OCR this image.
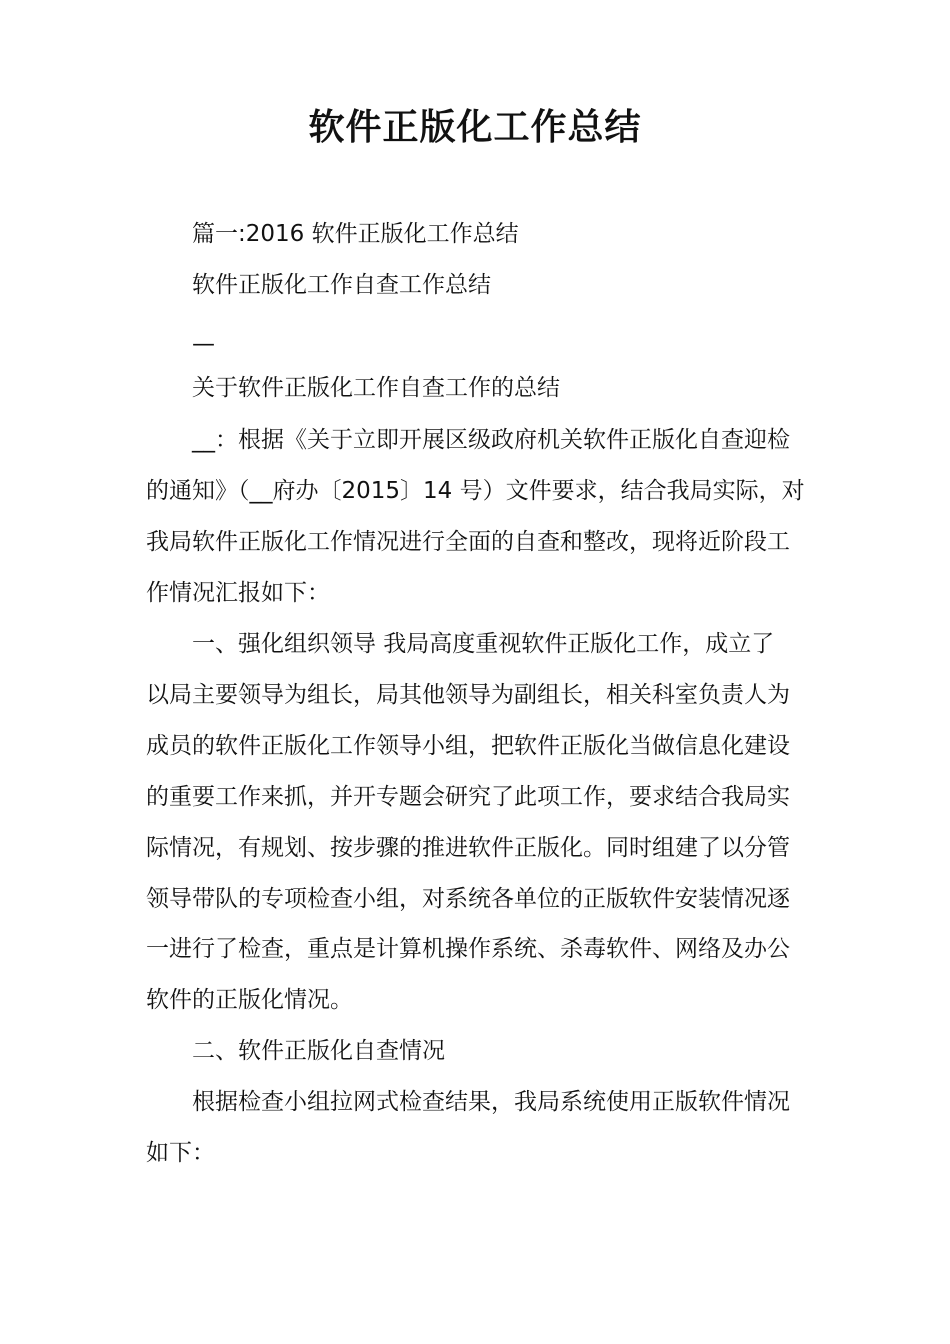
软件正版化工作总结

篇一:2016 软件正版化工作总结

软件正版化工作自查工作总结

—

关于软件正版化工作自查工作的总结

__：根据《关于立即开展区级政府机关软件正版化自查迎检

的通知》（__府办〔2015〕14 号）文件要求，结合我局实际，对

我局软件正版化工作情况进行全面的自查和整改，现将近阶段工

作情况汇报如下：

一、强化组织领导 我局高度重视软件正版化工作，成立了

以局主要领导为组长，局其他领导为副组长，相关科室负责人为

成员的软件正版化工作领导小组，把软件正版化当做信息化建设

的重要工作来抓，并开专题会研究了此项工作，要求结合我局实

际情况，有规划、按步骤的推进软件正版化。同时组建了以分管

领导带队的专项检查小组，对系统各单位的正版软件安装情况逐

一进行了检查，重点是计算机操作系统、杀毒软件、网络及办公

软件的正版化情况。

二、软件正版化自查情况

根据检查小组拉网式检查结果，我局系统使用正版软件情况

如下：
